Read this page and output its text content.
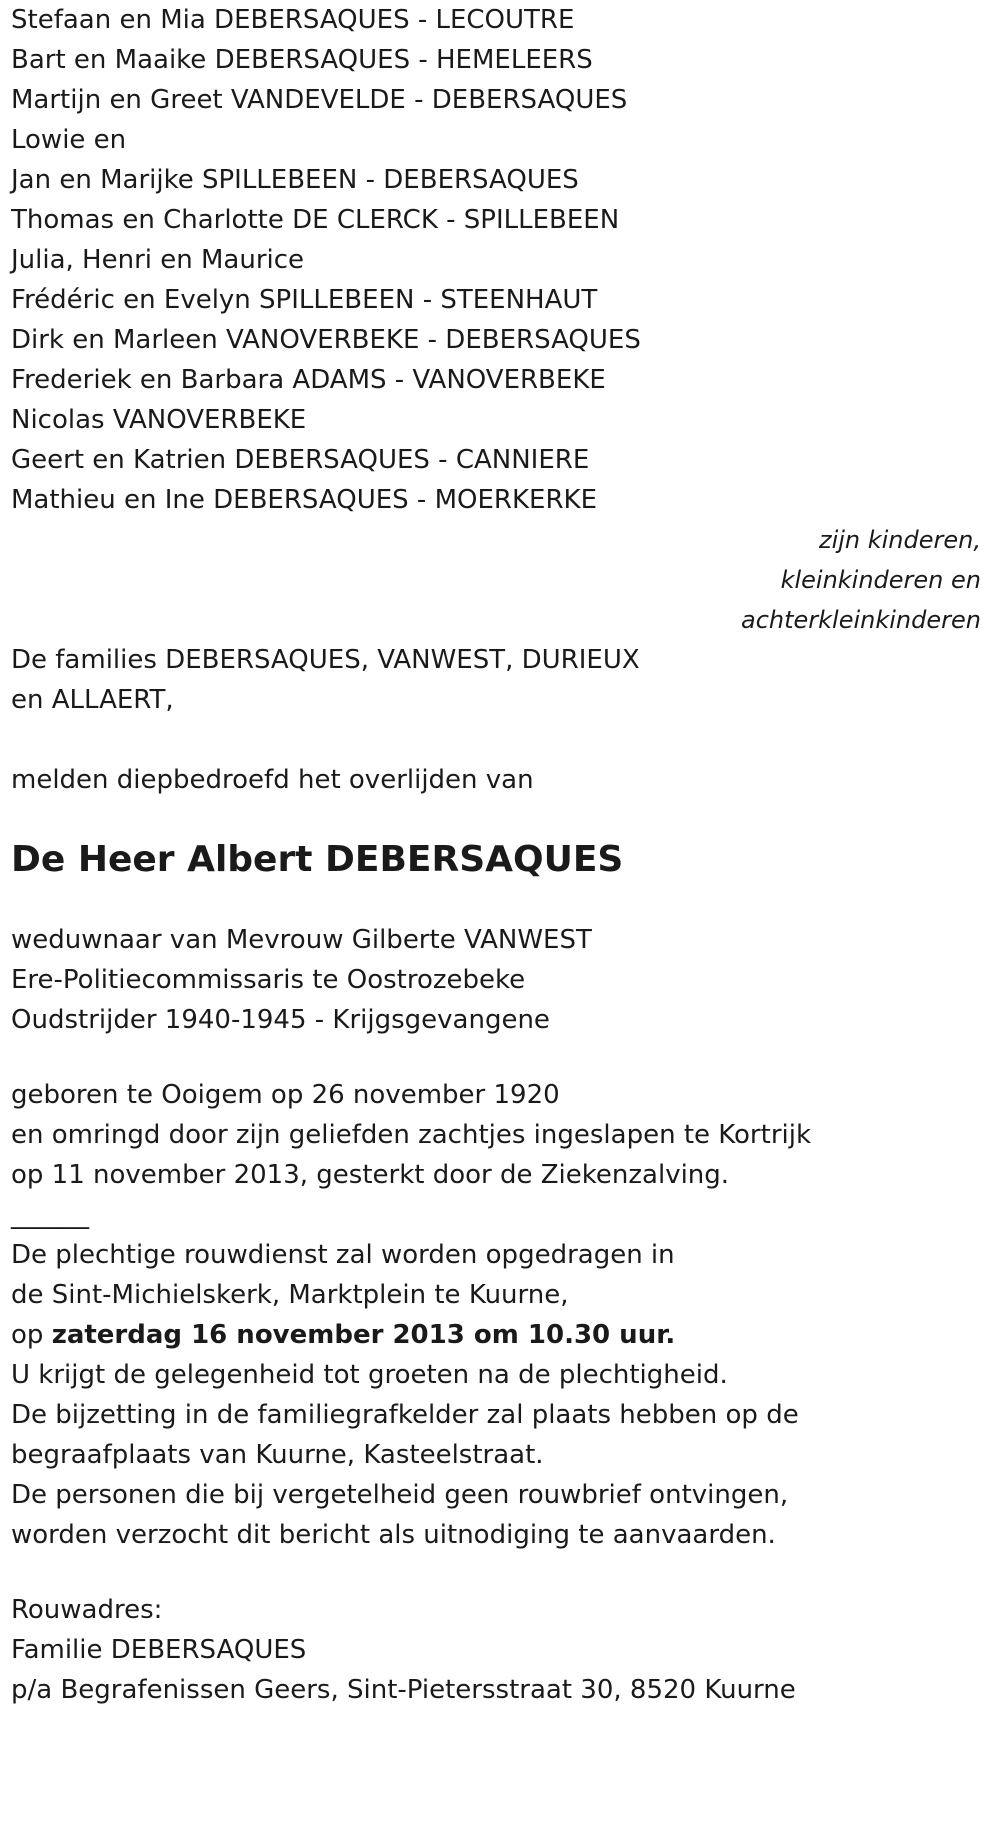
Stefaan en Mia DEBERSAQUES - LECOUTRE
Bart en Maaike DEBERSAQUES - HEMELEERS
Martijn en Greet VANDEVELDE - DEBERSAQUES
Lowie en
Jan en Marijke SPILLEBEEN - DEBERSAQUES
Thomas en Charlotte DE CLERCK - SPILLEBEEN
Julia, Henri en Maurice
Frédéric en Evelyn SPILLEBEEN - STEENHAUT
Dirk en Marleen VANOVERBEKE - DEBERSAQUES
Frederiek en Barbara ADAMS - VANOVERBEKE
Nicolas VANOVERBEKE
Geert en Katrien DEBERSAQUES - CANNIERE
Mathieu en Ine DEBERSAQUES - MOERKERKE
zijn kinderen,
kleinkinderen en
achterkleinkinderen
De families DEBERSAQUES, VANWEST, DURIEUX
en ALLAERT,
melden diepbedroefd het overlijden van
De Heer Albert DEBERSAQUES
weduwnaar van Mevrouw Gilberte VANWEST
Ere-Politiecommissaris te Oostrozebeke
Oudstrijder 1940-1945 - Krijgsgevangene
geboren te Ooigem op 26 november 1920
en omringd door zijn geliefden zachtjes ingeslapen te Kortrijk
op 11 november 2013, gesterkt door de Ziekenzalving.
______
De plechtige rouwdienst zal worden opgedragen in
de Sint-Michielskerk, Marktplein te Kuurne,
op zaterdag 16 november 2013 om 10.30 uur.
U krijgt de gelegenheid tot groeten na de plechtigheid.
De bijzetting in de familiegrafkelder zal plaats hebben op de
begraafplaats van Kuurne, Kasteelstraat.
De personen die bij vergetelheid geen rouwbrief ontvingen,
worden verzocht dit bericht als uitnodiging te aanvaarden.
Rouwadres:
Familie DEBERSAQUES
p/a Begrafenissen Geers, Sint-Pietersstraat 30, 8520 Kuurne
